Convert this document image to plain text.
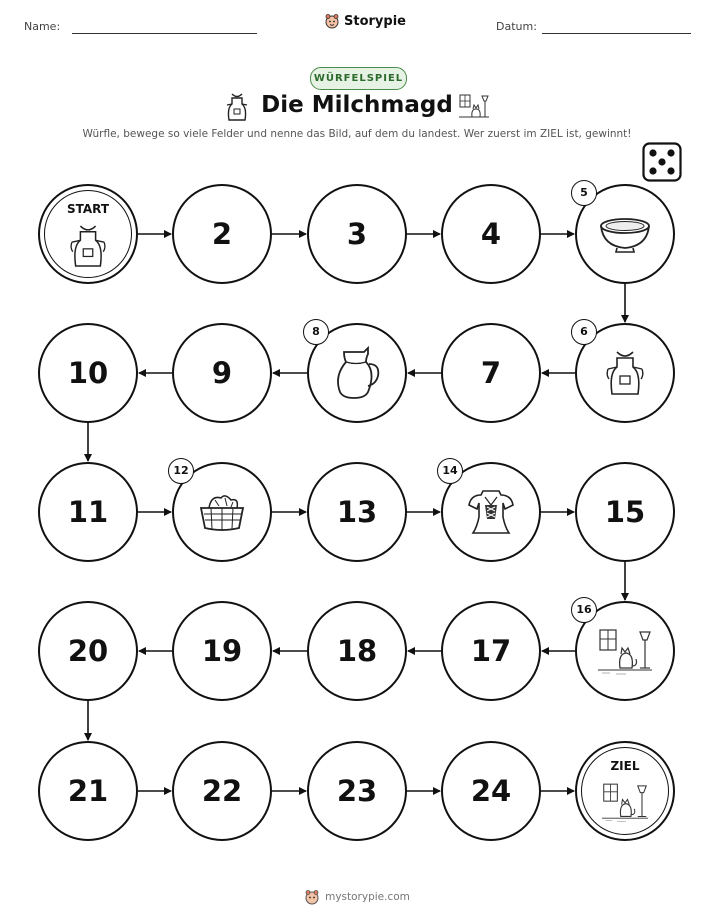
Name:	Storypie	Datum:
WÜRFELSPIEL
Die Milchmagd
Würfle, bewege so viele Felder und nenne das Bild, auf dem du landest. Wer zuerst im ZIEL ist, gewinnt!
START
2	3	4
5
6
7
8
9
10
11
12
13
14
15
16
17
18
19
20
21	22	23	24
ZIEL
mystorypie.com
